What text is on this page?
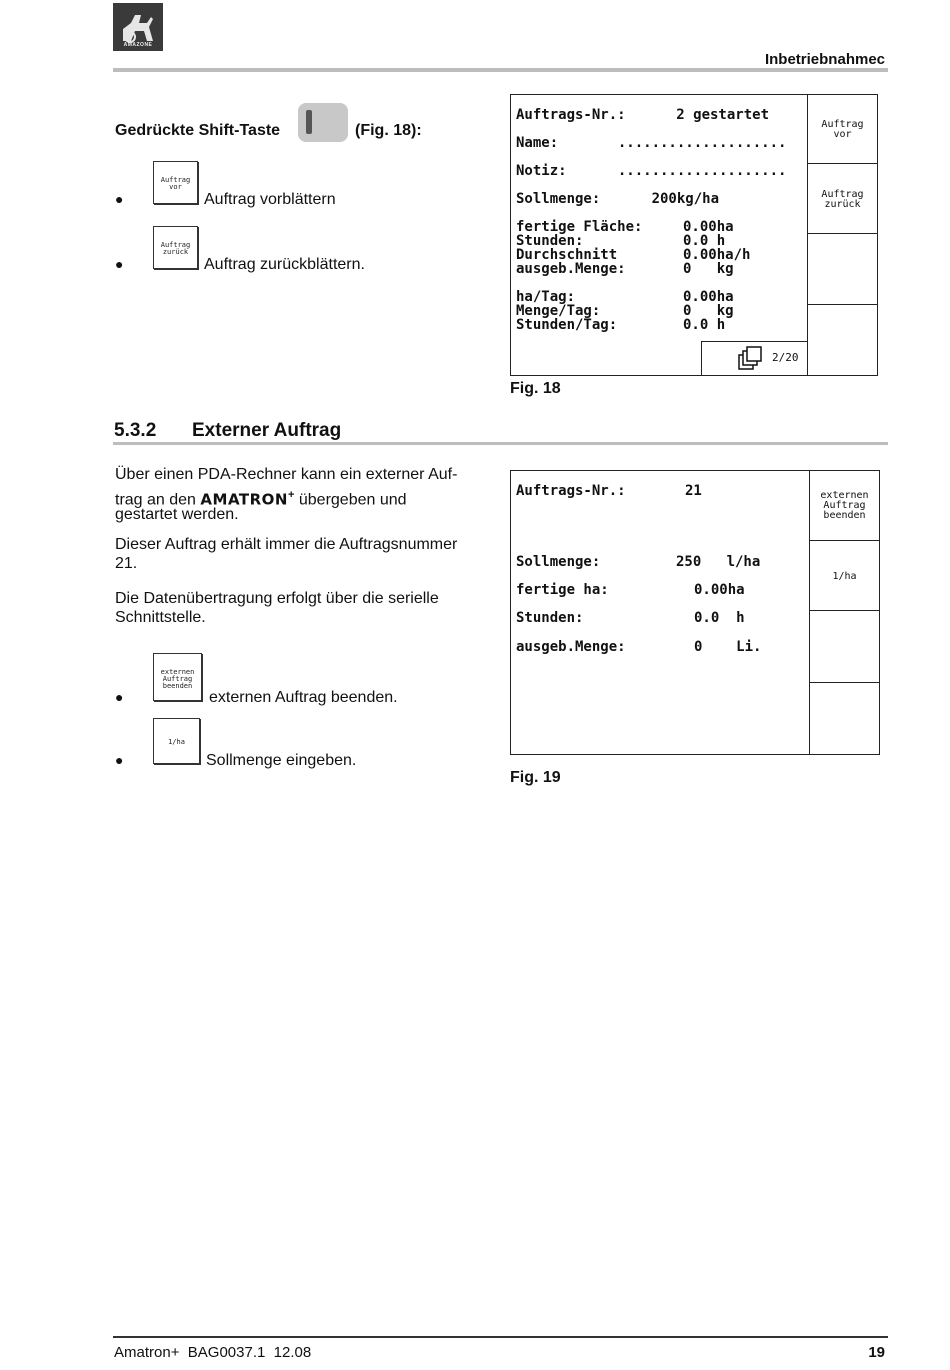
AMAZONE
Inbetriebnahmec
Gedrückte Shift-Taste	(Fig. 18):
●
Auftrag
vor
Auftrag vorblättern
●
Auftrag
zurück
Auftrag zurückblättern.
Auftrags-Nr.: 2 gestartet
Name:	....................
Notiz: ....................
Sollmenge: 200kg/ha
fertige Fläche:	0.00ha
Stunden:	0.0 h
Durchschnitt	0.00ha/h
ausgeb.Menge:	0   kg
ha/Tag:	0.00ha
Menge/Tag:	0   kg
Stunden/Tag:	0.0 h
Auftrag
vor
Auftrag
zurück
2/20
Fig. 18
5.3.2 Externer Auftrag
Über einen PDA-Rechner kann ein externer Auf-
trag an den AMATRON+ übergeben und
gestartet werden.
Dieser Auftrag erhält immer die Auftragsnummer
21.
Die Datenübertragung erfolgt über die serielle
Schnittstelle.
●
externen
Auftrag
beenden
externen Auftrag beenden.
●
1/ha
Sollmenge eingeben.
Auftrags-Nr.:	21
Sollmenge:	250   l/ha
fertige ha:	0.00ha
Stunden:	0.0  h
ausgeb.Menge:	0    Li.
externen
Auftrag
beenden
1/ha
Fig. 19
Amatron+  BAG0037.1  12.08	19
